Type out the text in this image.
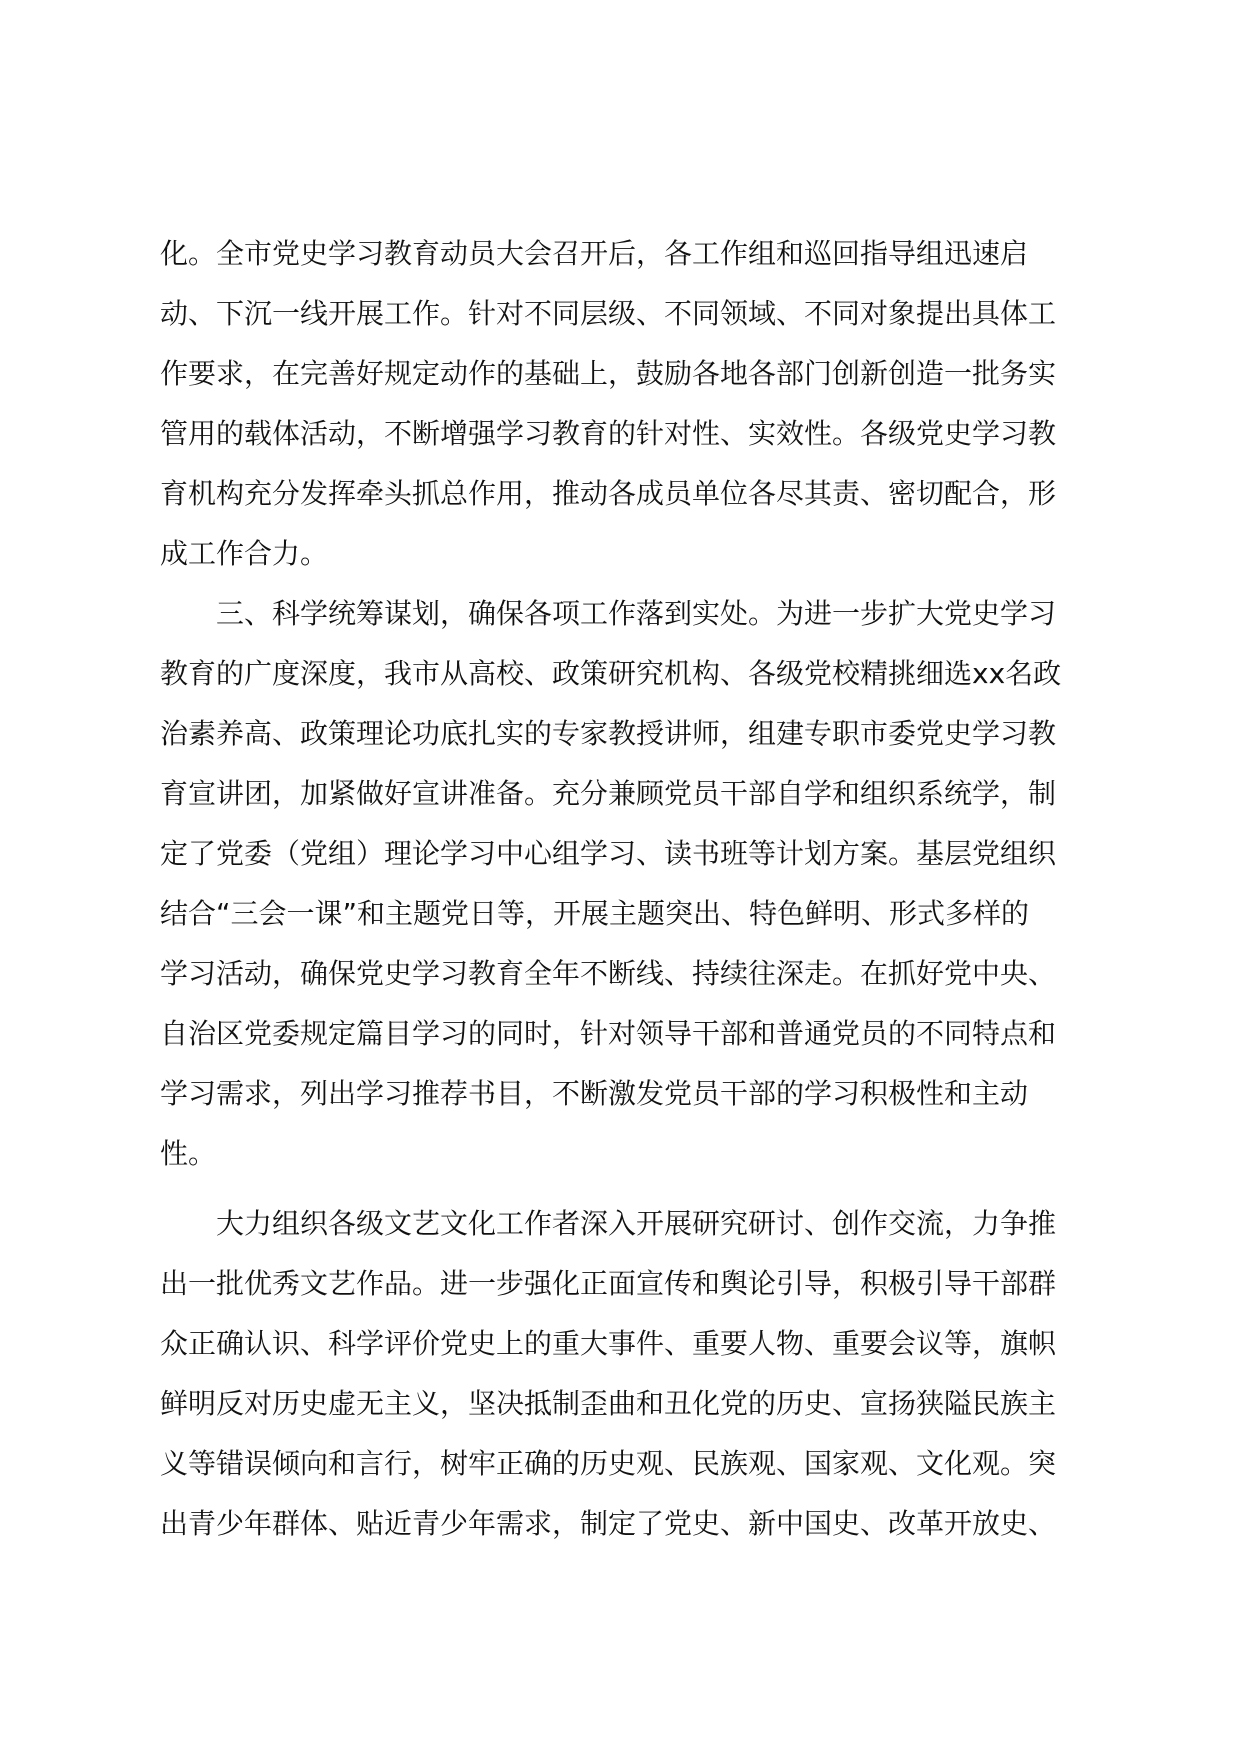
化。全市党史学习教育动员大会召开后，各工作组和巡回指导组迅速启
动、下沉一线开展工作。针对不同层级、不同领域、不同对象提出具体工
作要求，在完善好规定动作的基础上，鼓励各地各部门创新创造一批务实
管用的载体活动，不断增强学习教育的针对性、实效性。各级党史学习教
育机构充分发挥牵头抓总作用，推动各成员单位各尽其责、密切配合，形
成工作合力。
　　三、科学统筹谋划，确保各项工作落到实处。为进一步扩大党史学习
教育的广度深度，我市从高校、政策研究机构、各级党校精挑细选xx名政
治素养高、政策理论功底扎实的专家教授讲师，组建专职市委党史学习教
育宣讲团，加紧做好宣讲准备。充分兼顾党员干部自学和组织系统学，制
定了党委（党组）理论学习中心组学习、读书班等计划方案。基层党组织
结合“三会一课”和主题党日等，开展主题突出、特色鲜明、形式多样的
学习活动，确保党史学习教育全年不断线、持续往深走。在抓好党中央、
自治区党委规定篇目学习的同时，针对领导干部和普通党员的不同特点和
学习需求，列出学习推荐书目，不断激发党员干部的学习积极性和主动
性。
　　大力组织各级文艺文化工作者深入开展研究研讨、创作交流，力争推
出一批优秀文艺作品。进一步强化正面宣传和舆论引导，积极引导干部群
众正确认识、科学评价党史上的重大事件、重要人物、重要会议等，旗帜
鲜明反对历史虚无主义，坚决抵制歪曲和丑化党的历史、宣扬狭隘民族主
义等错误倾向和言行，树牢正确的历史观、民族观、国家观、文化观。突
出青少年群体、贴近青少年需求，制定了党史、新中国史、改革开放史、
